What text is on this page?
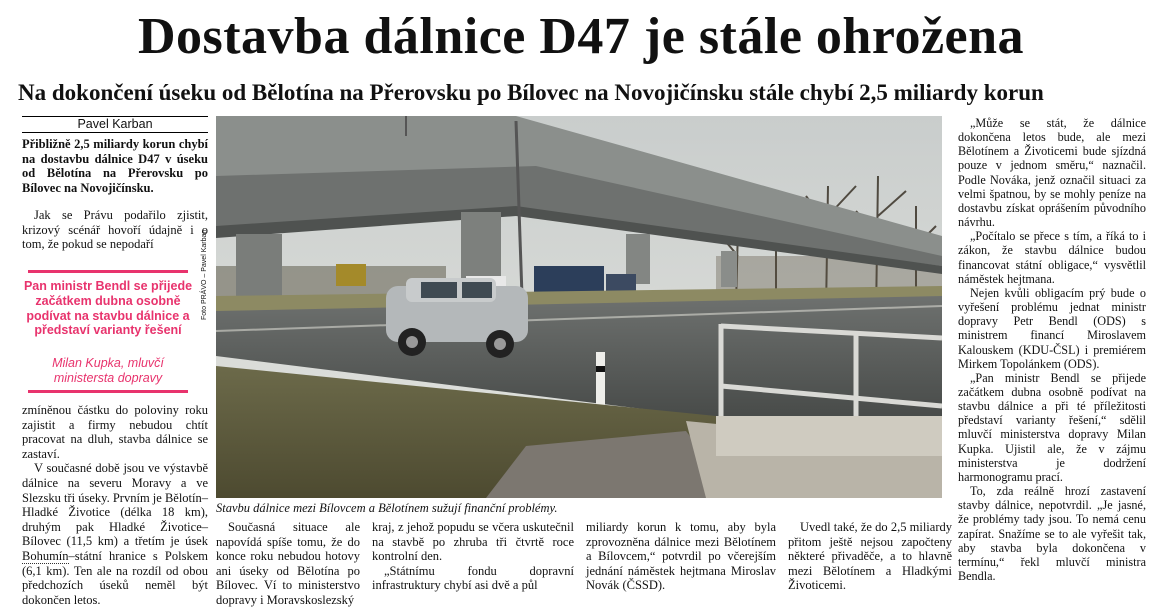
Dostavba dálnice D47 je stále ohrožena
Na dokončení úseku od Bělotína na Přerovsku po Bílovec na Novojičínsku stále chybí 2,5 miliardy korun
Pavel Karban
Přibližně 2,5 miliardy korun chybí na dostavbu dálnice D47 v úseku od Bělotína na Přerovsku po Bílovec na Novojičínsku.

Jak se Právu podařilo zjistit, krizový scénář hovoří údajně i o tom, že pokud se nepodaří

Pan ministr Bendl se přijede začátkem dubna osobně podívat na stavbu dálnice a představí varianty řešení
Milan Kupka, mluvčí ministersta dopravy

zmíněnou částku do poloviny roku zajistit a firmy nebudou chtít pracovat na dluh, stavba dálnice se zastaví.

V současné době jsou ve výstavbě dálnice na severu Moravy a ve Slezsku tři úseky. Prvním je Bělotín–Hladké Životice (délka 18 km), druhým pak Hladké Životice–Bílovec (11,5 km) a třetím je úsek Bohumín–státní hranice s Polskem (6,1 km). Ten ale na rozdíl od obou předchozích úseků neměl být dokončen letos.

Foto PRÁVO – Pavel Karban
Stavbu dálnice mezi Bílovcem a Bělotínem sužují finanční problémy.

Současná situace ale napovídá spíše tomu, že do konce roku nebudou hotovy ani úseky od Bělotína po Bílovec. Ví to ministerstvo dopravy i Moravskoslezský

kraj, z jehož popudu se včera uskutečnil na stavbě po zhruba tři čtvrtě roce kontrolní den.

„Státnímu fondu dopravní infrastruktury chybí asi dvě a půl

miliardy korun k tomu, aby byla zprovozněna dálnice mezi Bělotínem a Bílovcem,“ potvrdil po včerejším jednání náměstek hejtmana Miroslav Novák (ČSSD).

Uvedl také, že do 2,5 miliardy přitom ještě nejsou započteny některé přivaděče, a to hlavně mezi Bělotínem a Hladkými Životicemi.

„Může se stát, že dálnice dokončena letos bude, ale mezi Bělotínem a Životicemi bude sjízdná pouze v jednom směru,“ naznačil. Podle Nováka, jenž označil situaci za velmi špatnou, by se mohly peníze na dostavbu získat oprášením původního návrhu.

„Počítalo se přece s tím, a říká to i zákon, že stavbu dálnice budou financovat státní obligace,“ vysvětlil náměstek hejtmana.

Nejen kvůli obligacím prý bude o vyřešení problému jednat ministr dopravy Petr Bendl (ODS) s ministrem financí Miroslavem Kalouskem (KDU-ČSL) i premiérem Mirkem Topolánkem (ODS).

„Pan ministr Bendl se přijede začátkem dubna osobně podívat na stavbu dálnice a při té příležitosti představí varianty řešení,“ sdělil mluvčí ministerstva dopravy Milan Kupka. Ujistil ale, že v zájmu ministerstva je dodržení harmonogramu prací.

To, zda reálně hrozí zastavení stavby dálnice, nepotvrdil. „Je jasné, že problémy tady jsou. To nemá cenu zapírat. Snažíme se to ale vyřešit tak, aby stavba byla dokončena v termínu,“ řekl mluvčí ministra Bendla.
